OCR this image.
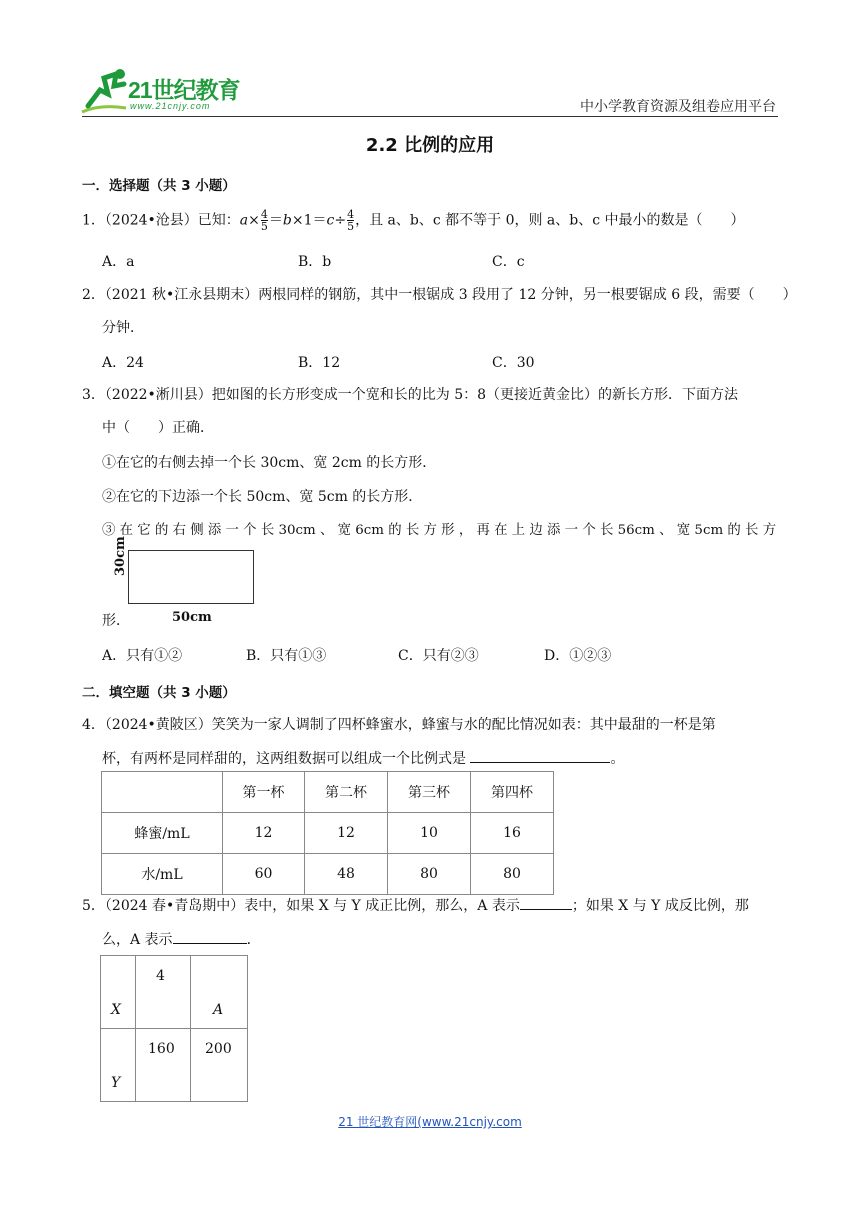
21世纪教育
www.21cnjy.com	中小学教育资源及组卷应用平台
2.2 比例的应用
一．选择题（共 3 小题）
1．（2024•沧县）已知：$a\times \frac{4}{5} =b\times 1=c\div \frac{4}{5}$ ，且 a、b、c 都不等于 0，则 a、b、c 中最小的数是（　　）
A．a	B．b	C．c
2．（2021 秋•江永县期末）两根同样的钢筋，其中一根锯成 3 段用了 12 分钟，另一根要锯成 6 段，需要（　　）
分钟．
A．24	B．12	C．30
3．（2022•淅川县）把如图的长方形变成一个宽和长的比为 5：8（更接近黄金比）的新长方形．下面方法
中（　　）正确．
①在它的右侧去掉一个长 30cm、宽 2cm 的长方形．
②在它的下边添一个长 50cm、宽 5cm 的长方形．
③ 在 它 的 右 侧 添 一 个 长 30cm 、 宽 6cm 的 长 方 形 ， 再 在 上 边 添 一 个 长 56cm 、 宽 5cm 的 长 方
30cm
50cm
形．
A．只有①②	B．只有①③	C．只有②③	D．①②③
二．填空题（共 3 小题）
4．（2024•黄陂区）笑笑为一家人调制了四杯蜂蜜水，蜂蜜与水的配比情况如表：其中最甜的一杯是第
杯，有两杯是同样甜的，这两组数据可以组成一个比例式是	。
	第一杯	第二杯	第三杯	第四杯
蜂蜜/mL	12	12	10	16
水/mL	60	48	80	80
5．（2024 春•青岛期中）表中，如果 X 与 Y 成正比例，那么，A 表示	；如果 X 与 Y 成反比例，那
么，A 表示	．
X	4	A

Y	160	200
21 世纪教育网(www.21cnjy.com
